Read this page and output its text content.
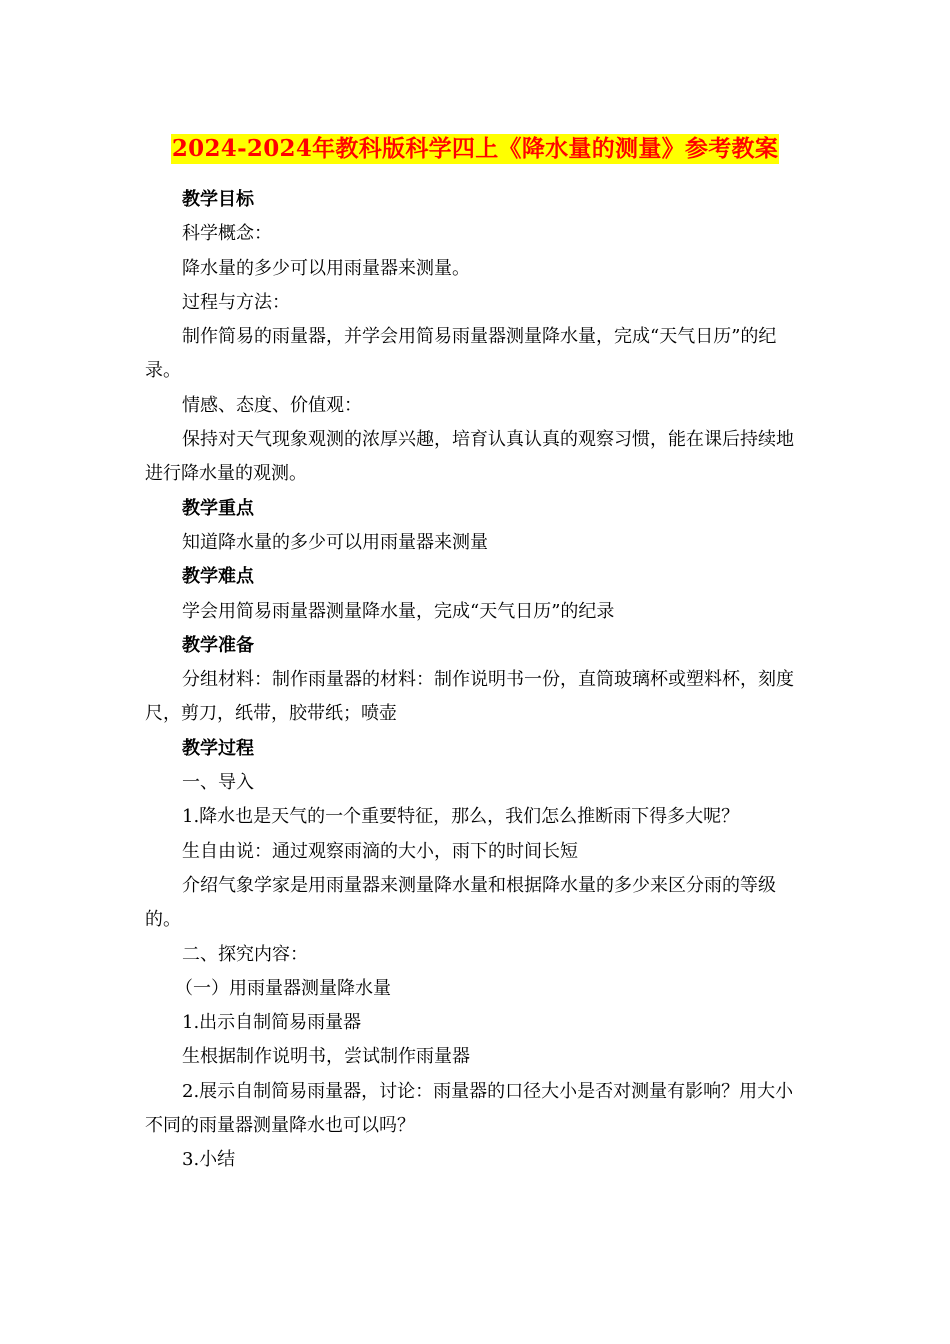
2024-2024年教科版科学四上《降水量的测量》参考教案

教学目标

科学概念：

降水量的多少可以用雨量器来测量。

过程与方法：

制作简易的雨量器，并学会用简易雨量器测量降水量，完成“天气日历”的纪录。

情感、态度、价值观：

保持对天气现象观测的浓厚兴趣，培育认真认真的观察习惯，能在课后持续地进行降水量的观测。

教学重点

知道降水量的多少可以用雨量器来测量

教学难点

学会用简易雨量器测量降水量，完成“天气日历”的纪录

教学准备

分组材料：制作雨量器的材料：制作说明书一份，直筒玻璃杯或塑料杯，刻度尺，剪刀，纸带，胶带纸；喷壶

教学过程

一、导入

1.降水也是天气的一个重要特征，那么，我们怎么推断雨下得多大呢？

生自由说：通过观察雨滴的大小，雨下的时间长短

介绍气象学家是用雨量器来测量降水量和根据降水量的多少来区分雨的等级的。

二、探究内容：

（一）用雨量器测量降水量

1.出示自制简易雨量器

生根据制作说明书，尝试制作雨量器

2.展示自制简易雨量器，讨论：雨量器的口径大小是否对测量有影响？用大小不同的雨量器测量降水也可以吗？

3.小结
